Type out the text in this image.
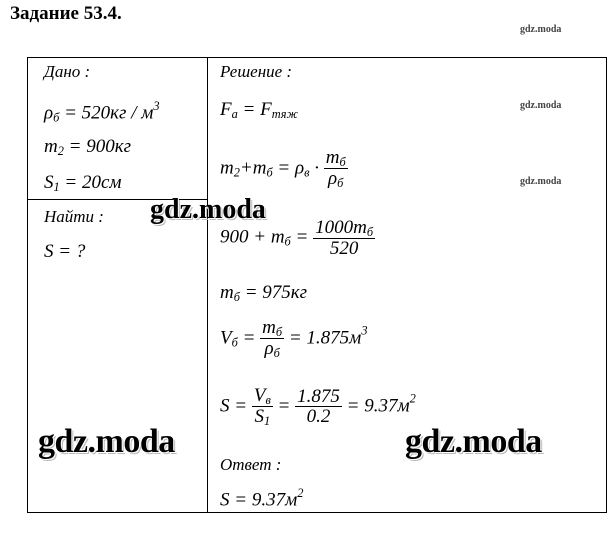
Задание 53.4.
gdz.moda
gdz.moda
gdz.moda
Дано :
$\rho_б = 520кг / м^3$
$m_2 = 900кг$
$S_1 = 20см$
Найти :
S = ?
Решение :
$F_a = F_{тяж}$
$m_2+m_б = \rho_в \cdot \frac{m_б}{\rho_б}$
$900 + m_б = \frac{1000m_б}{520}$
$m_б = 975кг$
$V_б = \frac{m_б}{\rho_б} = 1.875м^3$
$S = \frac{V_в}{S_1} = \frac{1.875}{0.2} = 9.37м^2$
Ответ :
$S = 9.37м^2$
gdz.moda
gdz.moda	gdz.moda
